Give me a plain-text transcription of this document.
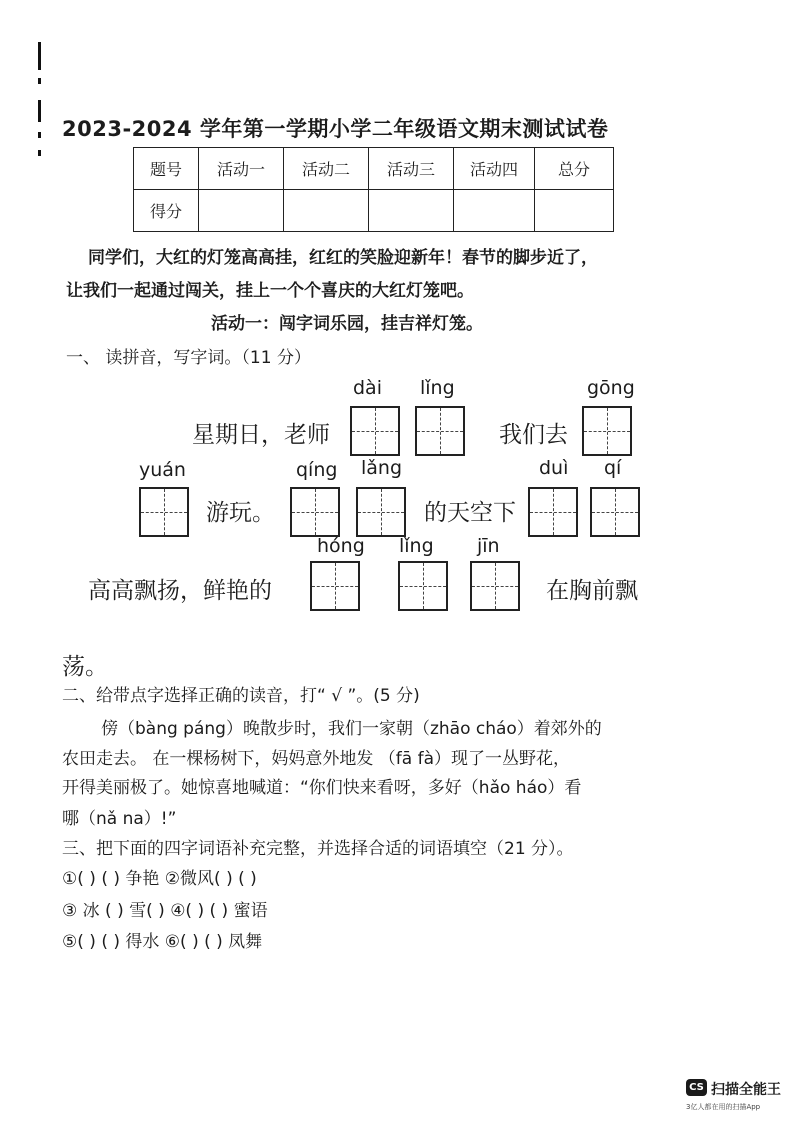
2023-2024 学年第一学期小学二年级语文期末测试试卷
题号	活动一	活动二	活动三	活动四	总分
得分					
同学们，大红的灯笼高高挂，红红的笑脸迎新年！春节的脚步近了，
让我们一起通过闯关，挂上一个个喜庆的大红灯笼吧。
活动一：闯字词乐园，挂吉祥灯笼。
一、 读拼音，写字词。（11 分）
dài lǐng	gōng
星期日，老师	我们去
yuán	qíng lǎng	duì qí
游玩。	的天空下
hóng lǐng jīn
高高飘扬，鲜艳的	在胸前飘
荡。
二、给带点字选择正确的读音，打“ √ ”。(5 分)
傍（bàng páng）晚散步时，我们一家朝（zhāo cháo）着郊外的
农田走去。 在一棵杨树下，妈妈意外地发 （fā fà）现了一丛野花，
开得美丽极了。她惊喜地喊道：“你们快来看呀，多好（hǎo háo）看
哪（nǎ na）!”
三、把下面的四字词语补充完整，并选择合适的词语填空（21 分）。
①( ) ( ) 争艳 ②微风( ) ( )
③ 冰 ( ) 雪( ) ④( ) ( ) 蜜语
⑤( ) ( ) 得水 ⑥( ) ( ) 凤舞
CS 扫描全能王
3亿人都在用的扫描App
